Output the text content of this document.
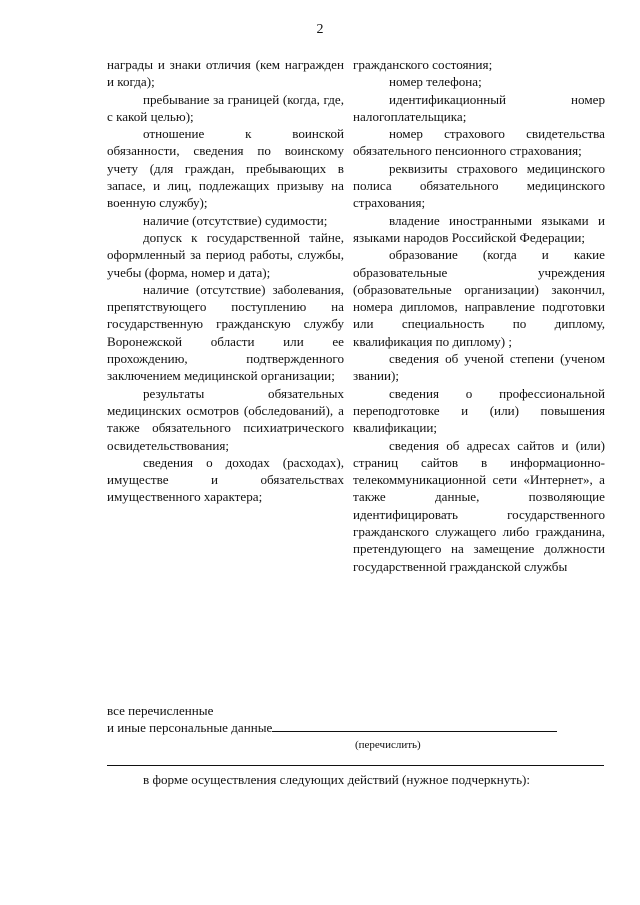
2

награды и знаки отличия (кем награжден и когда);

пребывание за границей (когда, где, с какой целью);

отношение к воинской обязанности, сведения по воинскому учету (для граждан, пребывающих в запасе, и лиц, подлежащих призыву на военную службу);

наличие (отсутствие) судимости;

допуск к государственной тайне, оформленный за период работы, службы, учебы (форма, номер и дата);

наличие (отсутствие) заболевания, препятствующего поступлению на государственную гражданскую службу Воронежской области или ее прохождению, подтвержденного заключением медицинской организации;

результаты обязательных медицинских осмотров (обследований), а также обязательного психиатрического освидетельствования;

сведения о доходах (расходах), имуществе и обязательствах имущественного характера;

гражданского состояния;

номер телефона;

идентификационный номер налогоплательщика;

номер страхового свидетельства обязательного пенсионного страхования;

реквизиты страхового медицинского полиса обязательного медицинского страхования;

владение иностранными языками и языками народов Российской Федерации;

образование (когда и какие образовательные учреждения (образовательные организации) закончил, номера дипломов, направление подготовки или специальность по диплому, квалификация по диплому) ;

сведения об ученой степени (ученом звании);

сведения о профессиональной переподготовке и (или) повышения квалификации;

сведения об адресах сайтов и (или) страниц сайтов в информационно-телекоммуникационной сети «Интернет», а также данные, позволяющие идентифицировать государственного гражданского служащего либо гражданина, претендующего на замещение должности государственной гражданской службы

все перечисленные
и иные персональные данные
(перечислить)
в форме осуществления следующих действий (нужное подчеркнуть):
